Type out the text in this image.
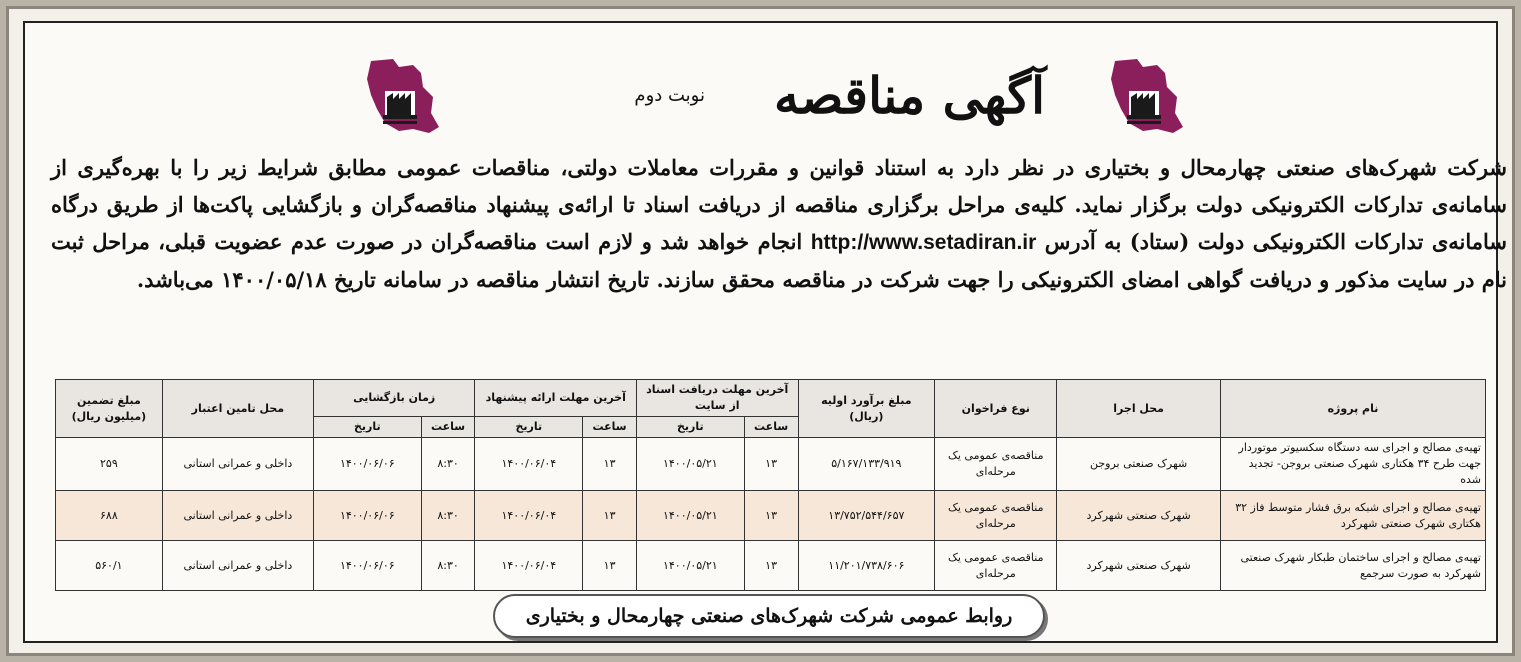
آگهی مناقصه
نوبت دوم
شرکت شهرک‌های صنعتی چهارمحال و بختیاری در نظر دارد به استناد قوانین و مقررات معاملات دولتی، مناقصات عمومی مطابق شرایط زیر را با بهره‌گیری از سامانه‌ی تدارکات الکترونیکی دولت برگزار نماید. کلیه‌ی مراحل برگزاری مناقصه از دریافت اسناد تا ارائه‌ی پیشنهاد مناقصه‌گران و بازگشایی پاکت‌ها از طریق درگاه سامانه‌ی تدارکات الکترونیکی دولت (ستاد) به آدرس http://www.setadiran.ir انجام خواهد شد و لازم است مناقصه‌گران در صورت عدم عضویت قبلی، مراحل ثبت نام در سایت مذکور و دریافت گواهی امضای الکترونیکی را جهت شرکت در مناقصه محقق سازند. تاریخ انتشار مناقصه در سامانه تاریخ ۱۴۰۰/۰۵/۱۸ می‌باشد.
نام پروژه	محل اجرا	نوع فراخوان	مبلغ برآورد اولیه (ریال)	آخرین مهلت دریافت اسناد از سایت		آخرین مهلت ارائه پیشنهاد		زمان بازگشایی		محل تامین اعتبار	مبلغ تضمین (میلیون ریال)
				ساعت	تاریخ	ساعت	تاریخ	ساعت	تاریخ		
تهیه‌ی مصالح و اجرای سه دستگاه سکسیوتر موتوردار جهت طرح ۳۴ هکتاری شهرک صنعتی بروجن- تجدید شده	شهرک صنعتی بروجن	مناقصه‌ی عمومی یک مرحله‌ای	۵/۱۶۷/۱۳۳/۹۱۹	۱۳	۱۴۰۰/۰۵/۲۱	۱۳	۱۴۰۰/۰۶/۰۴	۸:۳۰	۱۴۰۰/۰۶/۰۶	داخلی و عمرانی استانی	۲۵۹
تهیه‌ی مصالح و اجرای شبکه برق فشار متوسط فاز ۳۲ هکتاری شهرک صنعتی شهرکرد	شهرک صنعتی شهرکرد	مناقصه‌ی عمومی یک مرحله‌ای	۱۳/۷۵۲/۵۴۴/۶۵۷	۱۳	۱۴۰۰/۰۵/۲۱	۱۳	۱۴۰۰/۰۶/۰۴	۸:۳۰	۱۴۰۰/۰۶/۰۶	داخلی و عمرانی استانی	۶۸۸
تهیه‌ی مصالح و اجرای ساختمان طبکار شهرک صنعتی شهرکرد به صورت سرجمع	شهرک صنعتی شهرکرد	مناقصه‌ی عمومی یک مرحله‌ای	۱۱/۲۰۱/۷۳۸/۶۰۶	۱۳	۱۴۰۰/۰۵/۲۱	۱۳	۱۴۰۰/۰۶/۰۴	۸:۳۰	۱۴۰۰/۰۶/۰۶	داخلی و عمرانی استانی	۵۶۰/۱
روابط عمومی شرکت شهرک‌های صنعتی چهارمحال و بختیاری
